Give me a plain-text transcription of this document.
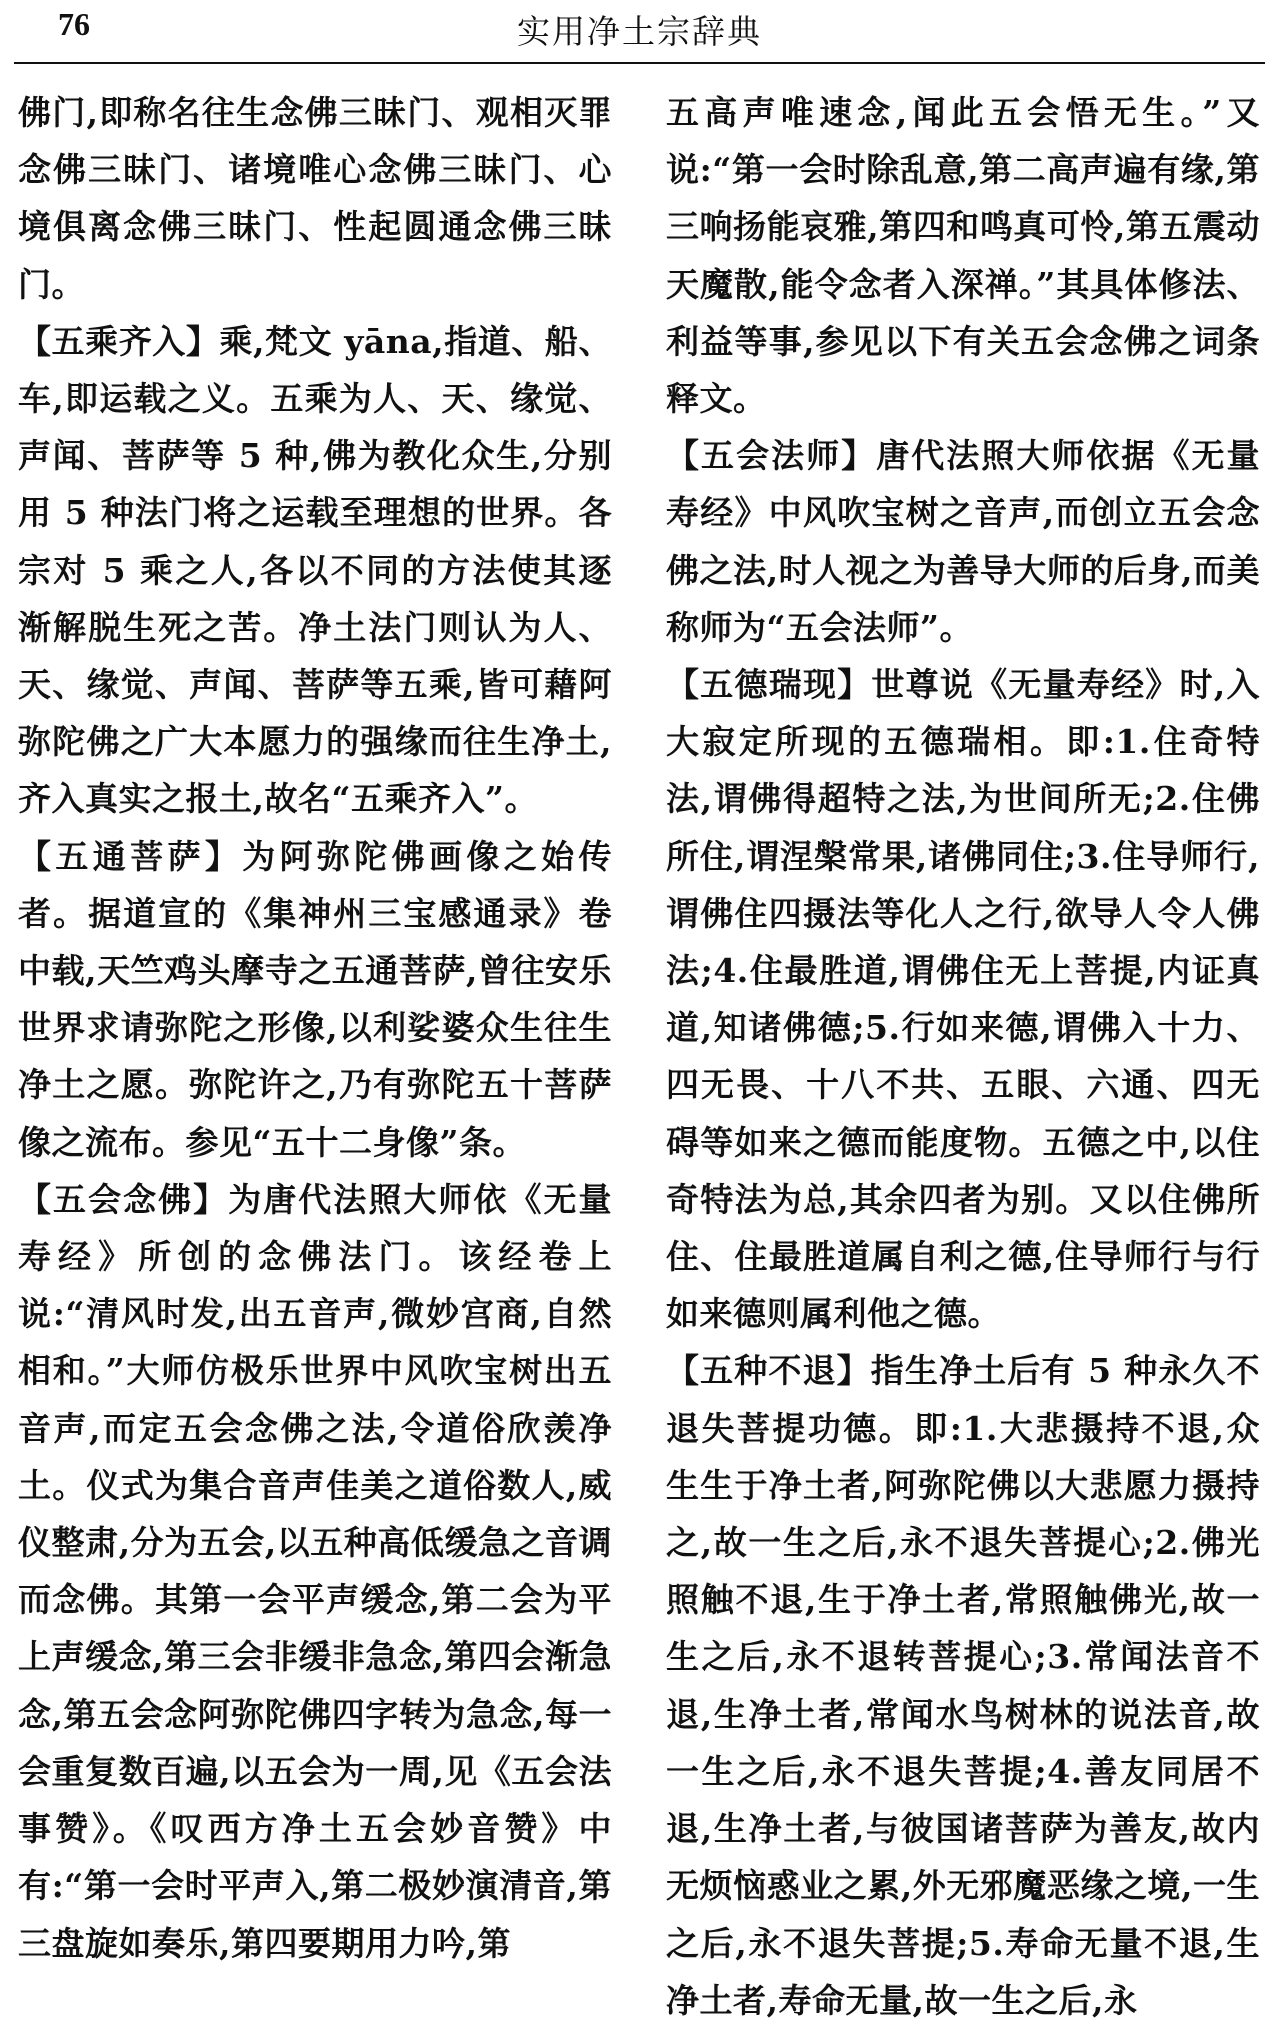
76	实用净土宗辞典

佛门,即称名往生念佛三昧门、观相灭罪念佛三昧门、诸境唯心念佛三昧门、心境俱离念佛三昧门、性起圆通念佛三昧门。

【五乘齐入】乘,梵文 yāna,指道、船、车,即运载之义。五乘为人、天、缘觉、声闻、菩萨等 5 种,佛为教化众生,分别用 5 种法门将之运载至理想的世界。各宗对 5 乘之人,各以不同的方法使其逐渐解脱生死之苦。净土法门则认为人、天、缘觉、声闻、菩萨等五乘,皆可藉阿弥陀佛之广大本愿力的强缘而往生净土,齐入真实之报土,故名“五乘齐入”。

【五通菩萨】为阿弥陀佛画像之始传者。据道宣的《集神州三宝感通录》卷中载,天竺鸡头摩寺之五通菩萨,曾往安乐世界求请弥陀之形像,以利娑婆众生往生净土之愿。弥陀许之,乃有弥陀五十菩萨像之流布。参见“五十二身像”条。

【五会念佛】为唐代法照大师依《无量寿经》所创的念佛法门。该经卷上说:“清风时发,出五音声,微妙宫商,自然相和。”大师仿极乐世界中风吹宝树出五音声,而定五会念佛之法,令道俗欣羡净土。仪式为集合音声佳美之道俗数人,威仪整肃,分为五会,以五种高低缓急之音调而念佛。其第一会平声缓念,第二会为平上声缓念,第三会非缓非急念,第四会渐急念,第五会念阿弥陀佛四字转为急念,每一会重复数百遍,以五会为一周,见《五会法事赞》。《叹西方净土五会妙音赞》中有:“第一会时平声入,第二极妙演清音,第三盘旋如奏乐,第四要期用力吟,第

五高声唯速念,闻此五会悟无生。”又说:“第一会时除乱意,第二高声遍有缘,第三响扬能哀雅,第四和鸣真可怜,第五震动天魔散,能令念者入深禅。”其具体修法、利益等事,参见以下有关五会念佛之词条释文。

【五会法师】唐代法照大师依据《无量寿经》中风吹宝树之音声,而创立五会念佛之法,时人视之为善导大师的后身,而美称师为“五会法师”。

【五德瑞现】世尊说《无量寿经》时,入大寂定所现的五德瑞相。即:1.住奇特法,谓佛得超特之法,为世间所无;2.住佛所住,谓涅槃常果,诸佛同住;3.住导师行,谓佛住四摄法等化人之行,欲导人令人佛法;4.住最胜道,谓佛住无上菩提,内证真道,知诸佛德;5.行如来德,谓佛入十力、四无畏、十八不共、五眼、六通、四无碍等如来之德而能度物。五德之中,以住奇特法为总,其余四者为别。又以住佛所住、住最胜道属自利之德,住导师行与行如来德则属利他之德。

【五种不退】指生净土后有 5 种永久不退失菩提功德。即:1.大悲摄持不退,众生生于净土者,阿弥陀佛以大悲愿力摄持之,故一生之后,永不退失菩提心;2.佛光照触不退,生于净土者,常照触佛光,故一生之后,永不退转菩提心;3.常闻法音不退,生净土者,常闻水鸟树林的说法音,故一生之后,永不退失菩提;4.善友同居不退,生净土者,与彼国诸菩萨为善友,故内无烦恼惑业之累,外无邪魔恶缘之境,一生之后,永不退失菩提;5.寿命无量不退,生净土者,寿命无量,故一生之后,永
